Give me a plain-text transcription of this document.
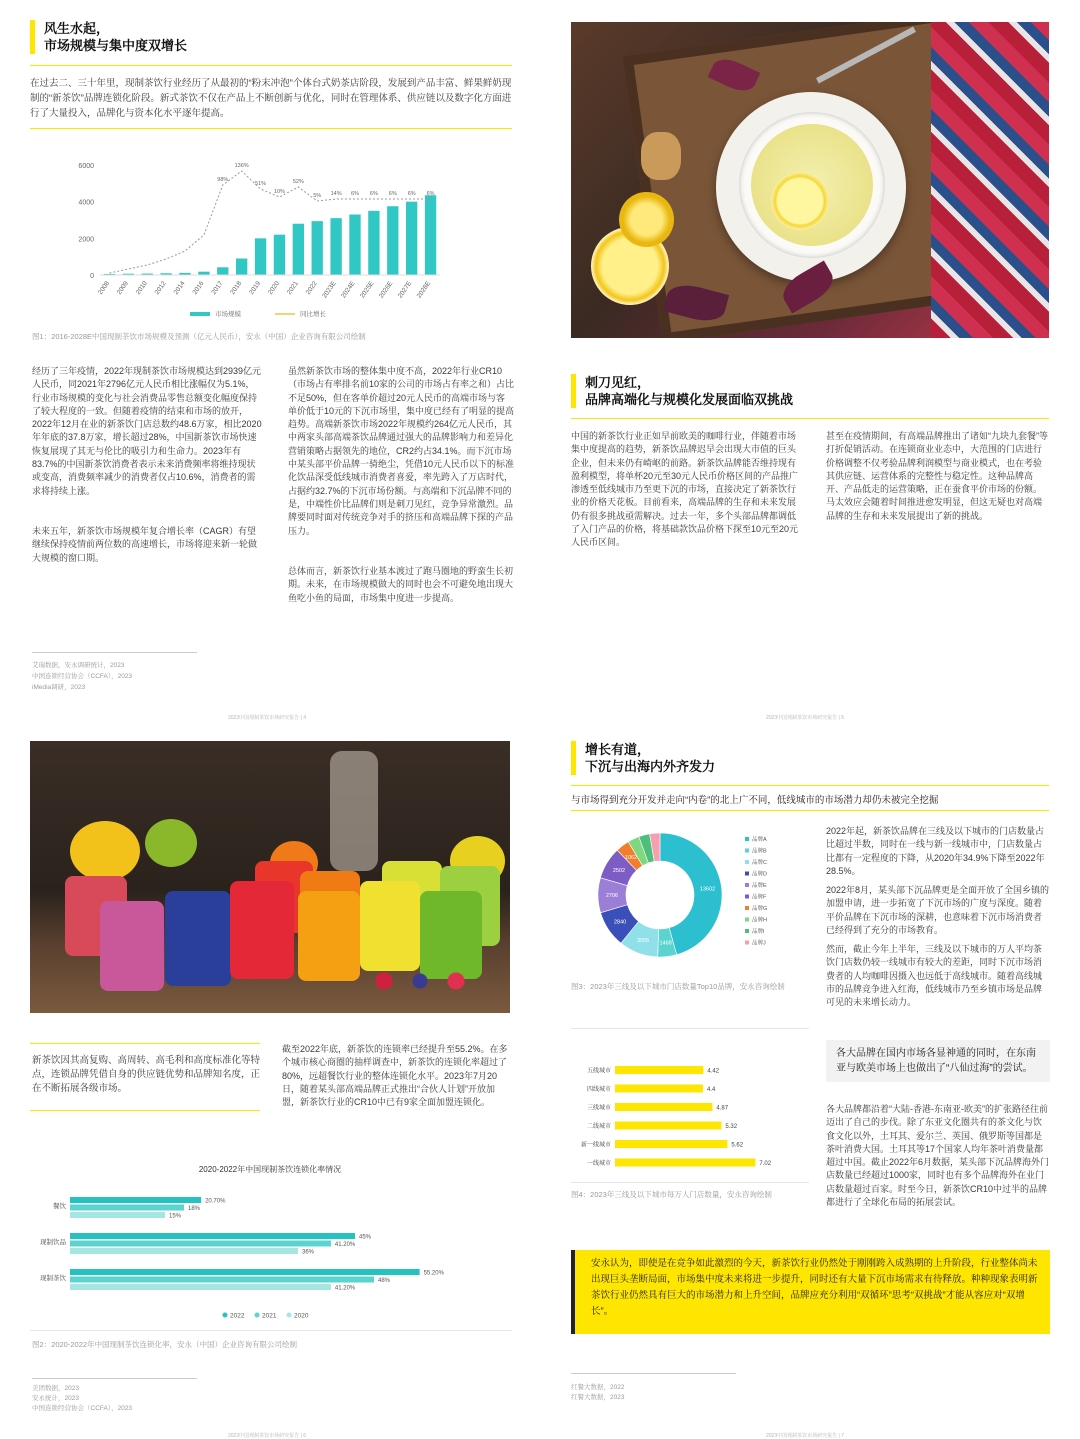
风生水起，
市场规模与集中度双增长
在过去二、三十年里，现制茶饮行业经历了从最初的“粉末冲泡”个体台式奶茶店阶段，发展到产品丰富、鲜果鲜奶现制的“新茶饮”品牌连锁化阶段。新式茶饮不仅在产品上不断创新与优化，同时在管理体系、供应链以及数字化方面进行了大量投入，品牌化与资本化水平逐年提高。
6000
4000
2000
0
2008 2009 2010 2012 2014 2016 2017 2018 2019 2020 2021 2022 2023E 2024E 2025E 2026E 2027E 2028E
98%
136%
51%
10%
52%
5% 14% 6% 6% 6% 6% 6%
市场规模	同比增长
图1：2016-2028E中国现制茶饮市场规模及预测（亿元人民币），安永（中国）企业咨询有限公司绘制
经历了三年疫情，2022年现制茶饮市场规模达到2939亿元人民币，同2021年2796亿元人民币相比涨幅仅为5.1%，行业市场规模的变化与社会消费品零售总额变化幅度保持了较大程度的一致。但随着疫情的结束和市场的放开，2022年12月在业的新茶饮门店总数约48.6万家，相比2020年年底的37.8万家，增长超过28%，中国新茶饮市场快速恢复展现了其无与伦比的吸引力和生命力。2023年有83.7%的中国新茶饮消费者表示未来消费频率将维持现状或变高，消费频率减少的消费者仅占10.6%，消费者的需求将持续上涨。
未来五年，新茶饮市场规模年复合增长率（CAGR）有望继续保持疫情前两位数的高速增长，市场将迎来新一轮做大规模的窗口期。
虽然新茶饮市场的整体集中度不高，2022年行业CR10（市场占有率排名前10家的公司的市场占有率之和）占比不足50%，但在客单价超过20元人民币的高端市场与客单价低于10元的下沉市场里，集中度已经有了明显的提高趋势。高端新茶饮市场2022年规模约264亿元人民币，其中两家头部高端茶饮品牌通过强大的品牌影响力和差异化营销策略占据领先的地位，CR2约占34.1%。而下沉市场中某头部平价品牌一骑绝尘，凭借10元人民币以下的标准化饮品深受低线城市消费者喜爱，率先跨入了万店时代，占据约32.7%的下沉市场份额。与高端和下沉品牌不同的是，中端性价比品牌们则是刺刀见红，竞争异常激烈。品牌要同时面对传统竞争对手的挤压和高端品牌下探的产品压力。
总体而言，新茶饮行业基本渡过了跑马圈地的野蛮生长初期。未来，在市场规模做大的同时也会不可避免地出现大鱼吃小鱼的局面，市场集中度进一步提高。
艾瑞数据，安永调研统计，2023
中国连锁经营协会（CCFA），2023
iMedia调研，2023
2023中国现制茶饮市场研究报告 | 4
刺刀见红，
品牌高端化与规模化发展面临双挑战
中国的新茶饮行业正如早前欧美的咖啡行业，伴随着市场集中度提高的趋势，新茶饮品牌迟早会出现大市值的巨头企业，但未来仍有崎岖的前路。新茶饮品牌能否维持现有盈利模型，将单杯20元至30元人民币价格区间的产品推广渗透至低线城市乃至更下沉的市场，直接决定了新茶饮行业的价格天花板。目前看来，高端品牌的生存和未来发展仍有很多挑战亟需解决。过去一年，多个头部品牌都调低了入门产品的价格，将基础款饮品价格下探至10元至20元人民币区间。
甚至在疫情期间，有高端品牌推出了诸如“九块九套餐”等打折促销活动。在连锁商业业态中，大范围的门店进行价格调整不仅考验品牌利润模型与商业模式，也在考验其供应链、运营体系的完整性与稳定性。这种品牌高开、产品低走的运营策略，正在蚕食平价市场的份额。马太效应会随着时间推进愈发明显，但这无疑也对高端品牌的生存和未来发展提出了新的挑战。
2023中国现制茶饮市场研究报告 | 5
新茶饮因其高复购、高周转、高毛利和高度标准化等特点，连锁品牌凭借自身的供应链优势和品牌知名度，正在不断拓展各级市场。
截至2022年底，新茶饮的连锁率已经提升至55.2%。在多个城市核心商圈的抽样调查中，新茶饮的连锁化率超过了80%，远超餐饮行业的整体连锁化水平。2023年7月20日，随着某头部高端品牌正式推出“合伙人计划”开放加盟，新茶饮行业的CR10中已有9家全面加盟连锁化。
2020-2022年中国现制茶饮连锁化率情况
餐饮
20.70%
18%
15%
现制饮品
45%
41.20%
36%
现制茶饮
55.20%
48%
41.20%
2022	2021	2020
图2：2020-2022年中国现制茶饮连锁化率，安永（中国）企业咨询有限公司绘制
美团数据，2023
安永统计，2023
中国连锁经营协会（CCFA），2023
2023中国现制茶饮市场研究报告 | 6
增长有道，
下沉与出海内外齐发力
与市场得到充分开发并走向“内卷”的北上广不同，低线城市的市场潜力却仍未被完全挖掘
13602
1468
3055
2840
2706
2502
1062
品牌A
品牌B
品牌C
品牌D
品牌E
品牌F
品牌G
品牌H
品牌I
品牌J
图3：2023年三线及以下城市门店数量Top10品牌，安永咨询绘制
2022年起，新茶饮品牌在三线及以下城市的门店数量占比超过半数，同时在一线与新一线城市中，门店数量占比都有一定程度的下降，从2020年34.9%下降至2022年28.5%。
2022年8月，某头部下沉品牌更是全面开放了全国乡镇的加盟申请，进一步拓宽了下沉市场的广度与深度。随着平价品牌在下沉市场的深耕，也意味着下沉市场消费者已经得到了充分的市场教育。
然而，截止今年上半年，三线及以下城市的万人平均茶饮门店数仍较一线城市有较大的差距，同时下沉市场消费者的人均咖啡因摄入也远低于高线城市。随着高线城市的品牌竞争进入红海，低线城市乃至乡镇市场是品牌可见的未来增长动力。
五线城市	4.42
四线城市	4.4
三线城市	4.87
二线城市	5.32
新一线城市	5.62
一线城市	7.02
图4：2023年三线及以下城市每万人门店数量，安永咨询绘制
各大品牌在国内市场各显神通的同时，在东南亚与欧美市场上也做出了“八仙过海”的尝试。
各大品牌都沿着“大陆-香港-东南亚-欧美”的扩张路径往前迈出了自己的步伐。除了东亚文化圈共有的茶文化与饮食文化以外，土耳其、爱尔兰、英国、俄罗斯等国都是茶叶消费大国。土耳其等17个国家人均年茶叶消费量都超过中国。截止2022年6月数据，某头部下沉品牌海外门店数量已经超过1000家，同时也有多个品牌海外在业门店数量超过百家。时至今日，新茶饮CR10中过半的品牌都进行了全球化布局的拓展尝试。
安永认为，即使是在竞争如此激烈的今天，新茶饮行业仍然处于刚刚跨入成熟期的上升阶段，行业整体尚未出现巨头垄断局面，市场集中度未来将进一步提升，同时还有大量下沉市场需求有待释放。种种现象表明新茶饮行业仍然具有巨大的市场潜力和上升空间，品牌应充分利用“双循环”思考“双挑战”才能从容应对“双增长”。
红餐大数据，2022
红餐大数据，2023
2023中国现制茶饮市场研究报告 | 7
